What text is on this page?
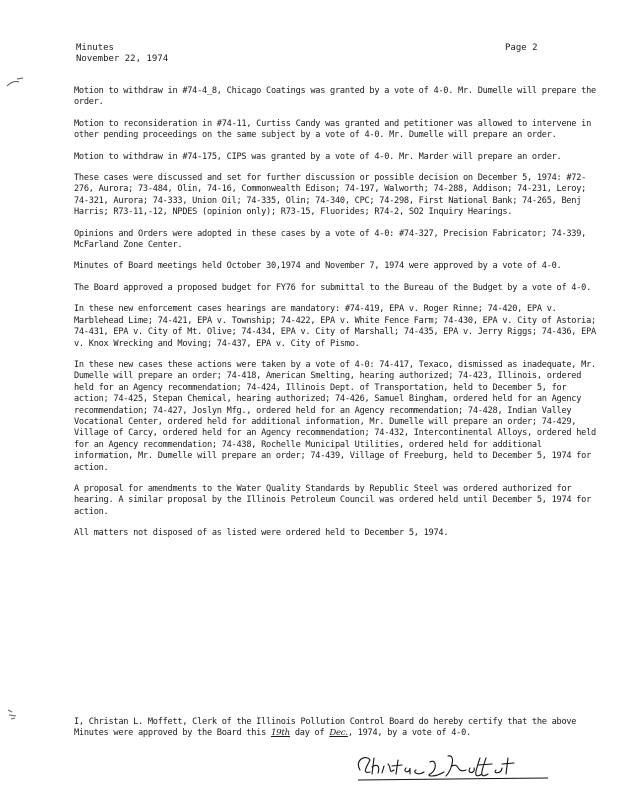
Minutes
November 22, 1974
Page 2

Motion to withdraw in #74-4_8, Chicago Coatings was granted by a vote of 4-0. Mr. Dumelle will prepare the order.

Motion to reconsideration in #74-11, Curtiss Candy was granted and petitioner was allowed to intervene in other pending proceedings on the same subject by a vote of 4-0. Mr. Dumelle will prepare an order.

Motion to withdraw in #74-175, CIPS was granted by a vote of 4-0. Mr. Marder will prepare an order.

These cases were discussed and set for further discussion or possible decision on December 5, 1974: #72-276, Aurora; 73-484, Olin, 74-16, Commonwealth Edison; 74-197, Walworth; 74-288, Addison; 74-231, Leroy; 74-321, Aurora; 74-333, Union Oil; 74-335, Olin; 74-340, CPC; 74-298, First National Bank; 74-265, Benj Harris; R73-11,-12, NPDES (opinion only); R73-15, Fluorides; R74-2, SO2 Inquiry Hearings.

Opinions and Orders were adopted in these cases by a vote of 4-0: #74-327, Precision Fabricator; 74-339, McFarland Zone Center.

Minutes of Board meetings held October 30,1974 and November 7, 1974 were approved by a vote of 4-0.

The Board approved a proposed budget for FY76 for submittal to the Bureau of the Budget by a vote of 4-0.

In these new enforcement cases hearings are mandatory: #74-419, EPA v. Roger Rinne; 74-420, EPA v. Marblehead Lime; 74-421, EPA v. Township; 74-422, EPA v. White Fence Farm; 74-430, EPA v. City of Astoria; 74-431, EPA v. City of Mt. Olive; 74-434, EPA v. City of Marshall; 74-435, EPA v. Jerry Riggs; 74-436, EPA v. Knox Wrecking and Moving; 74-437, EPA v. City of Pismo.

In these new cases these actions were taken by a vote of 4-0: 74-417, Texaco, dismissed as inadequate, Mr. Dumelle will prepare an order; 74-418, American Smelting, hearing authorized; 74-423, Illinois, ordered held for an Agency recommendation; 74-424, Illinois Dept. of Transportation, held to December 5, for action; 74-425, Stepan Chemical, hearing authorized; 74-426, Samuel Bingham, ordered held for an Agency recommendation; 74-427, Joslyn Mfg., ordered held for an Agency recommendation; 74-428, Indian Valley Vocational Center, ordered held for additional information, Mr. Dumelle will prepare an order; 74-429, Village of Carcy, ordered held for an Agency recommendation; 74-432, Intercontinental Alloys, ordered held for an Agency recommendation; 74-438, Rochelle Municipal Utilities, ordered held for additional information, Mr. Dumelle will prepare an order; 74-439, Village of Freeburg, held to December 5, 1974 for action.

A proposal for amendments to the Water Quality Standards by Republic Steel was ordered authorized for hearing. A similar proposal by the Illinois Petroleum Council was ordered held until December 5, 1974 for action.

All matters not disposed of as listed were ordered held to December 5, 1974.

I, Christan L. Moffett, Clerk of the Illinois Pollution Control Board do hereby certify that the above Minutes were approved by the Board this 19th day of Dec., 1974, by a vote of 4-0.
